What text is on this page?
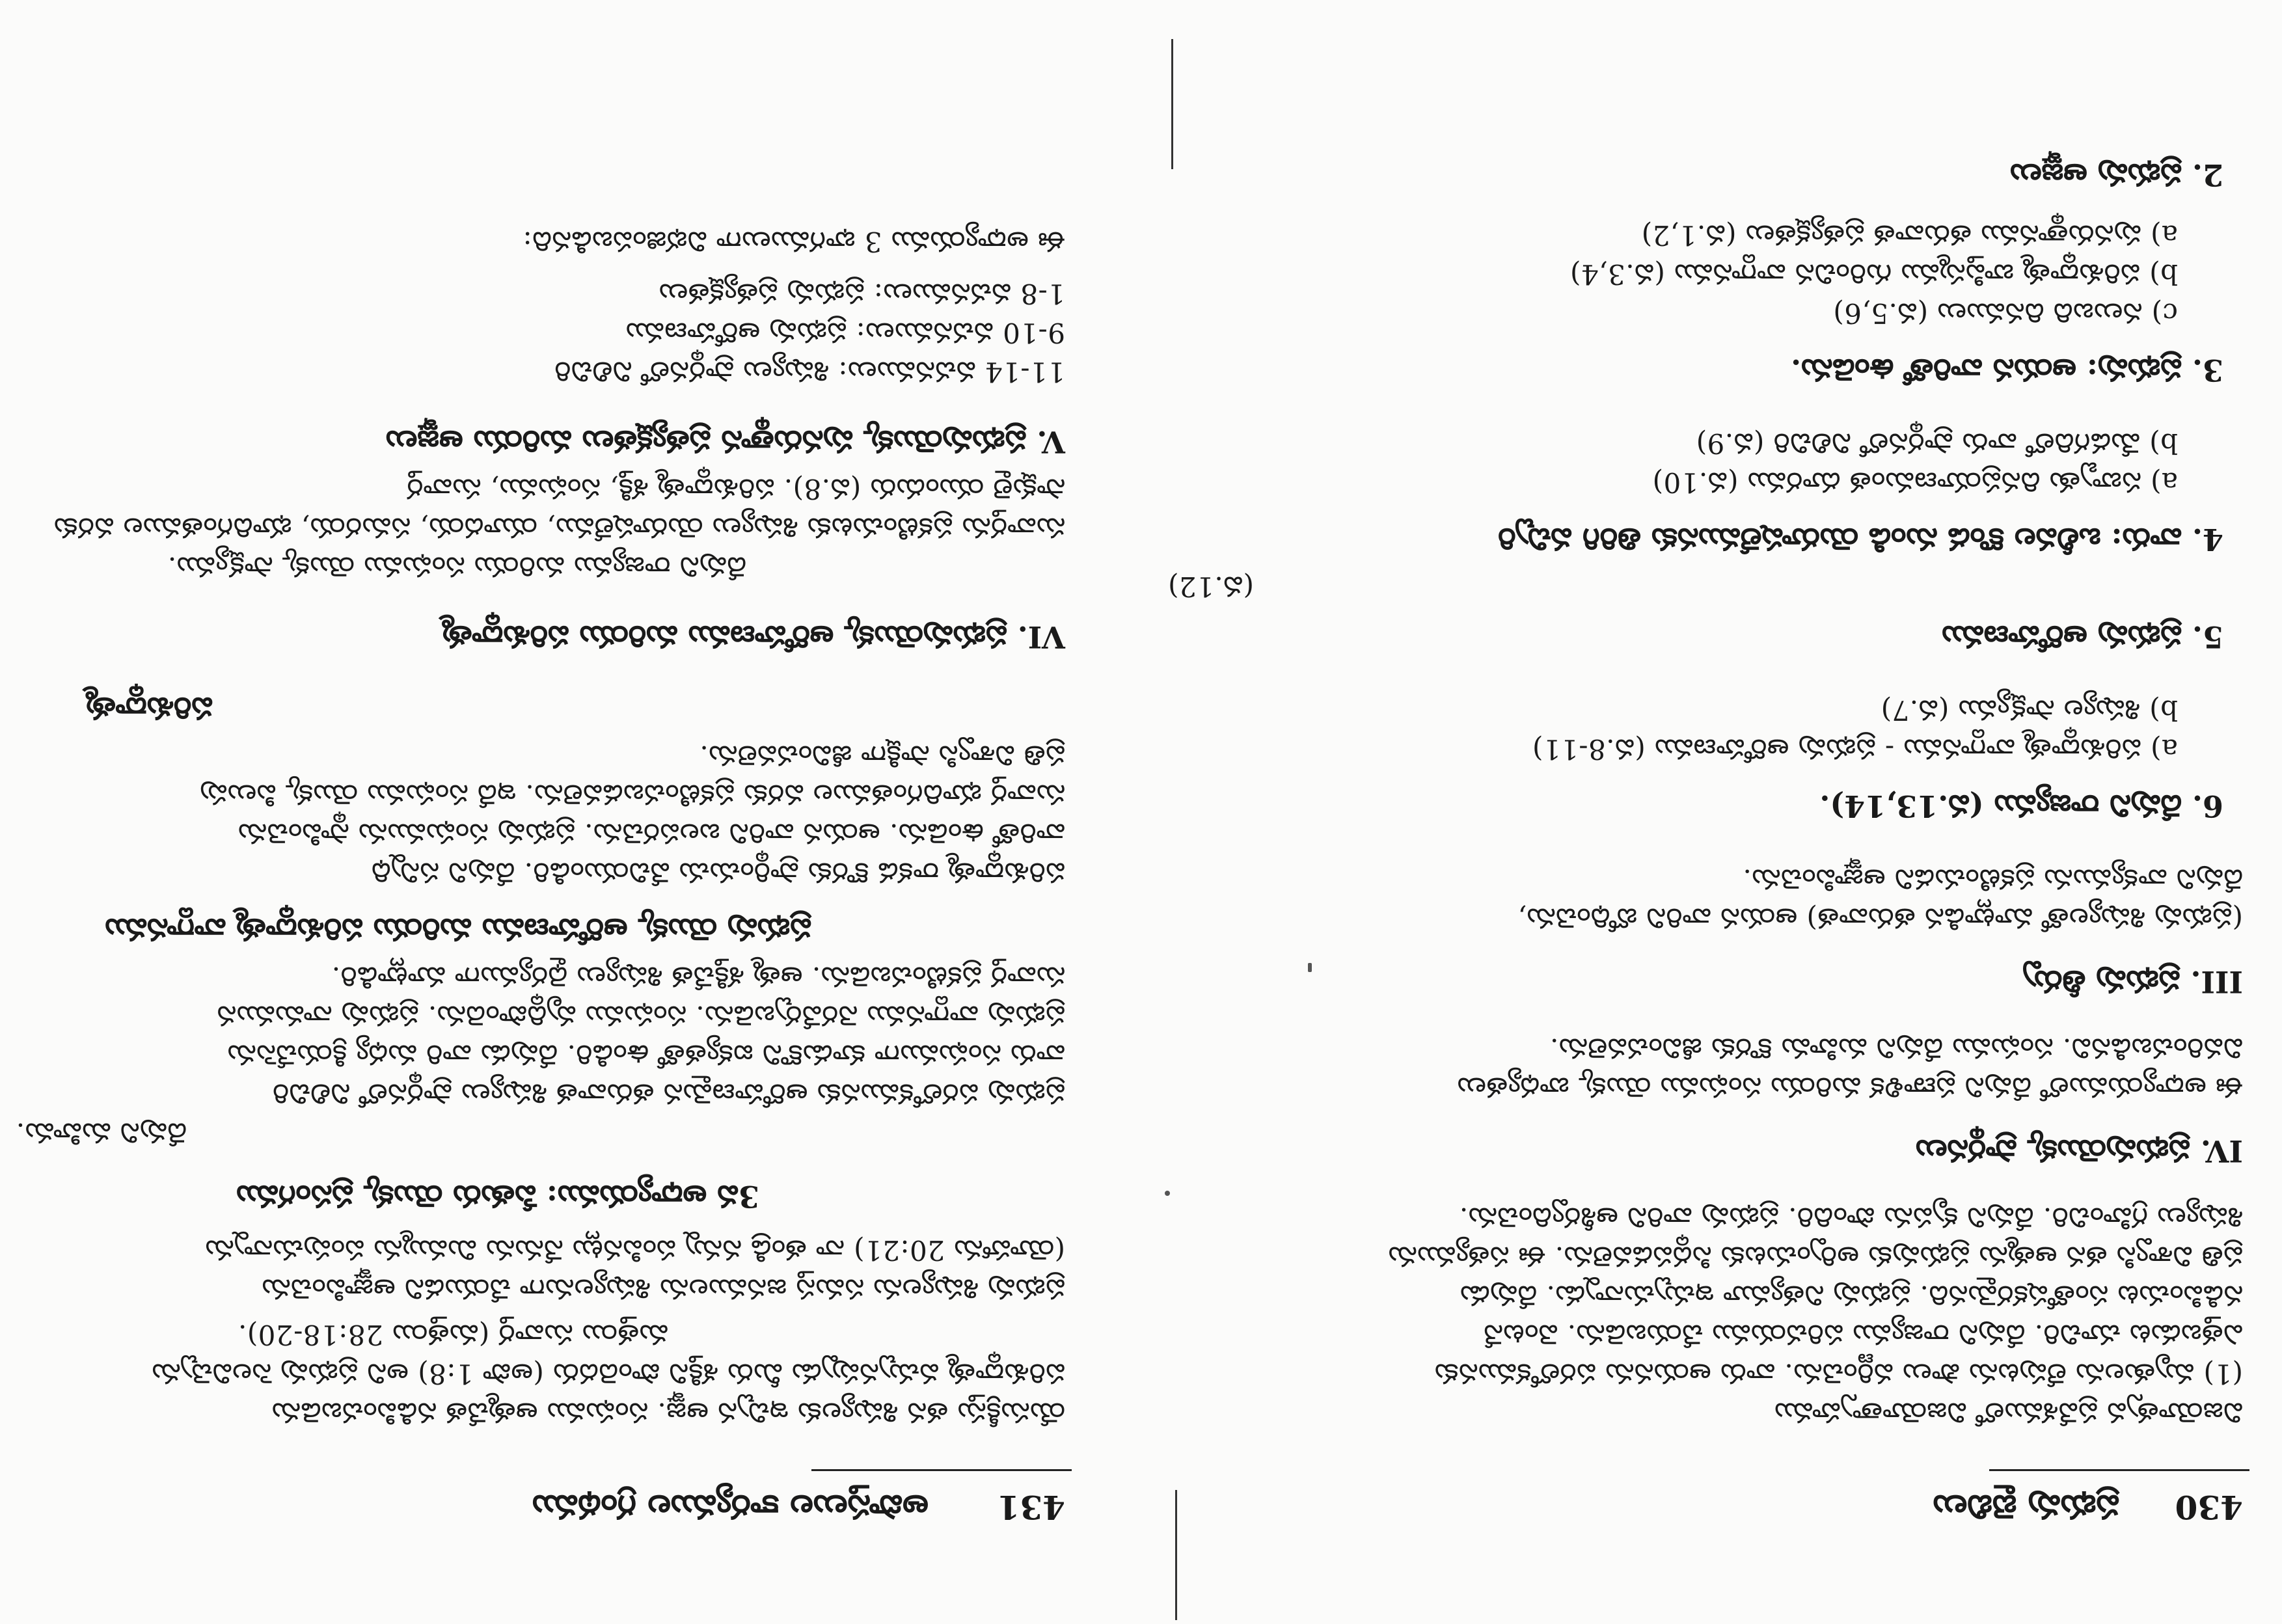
431
అపొస్తలుల కార్యముల గ్రంథము
యేసుక్రీస్తు తన శిష్యులకు ఇచ్చిన ఆజ్ఞ. సంఘము ఆత్మచేత నడిపించబడెను
పరిశుద్ధాత్మ వచ్చునప్పుడు మీరు శక్తిని పొందెదరు (అపొ 1:8) అని ప్రభువు సెలవిచ్చెను
మత్తయి సువార్త (మత్తయి 28:18-20).
ప్రభువు శిష్యులను సమస్త జనములను శిష్యులనుగా చేయుడని ఆజ్ఞాపించెను
(యోహాను 20:21) నా తండ్రి నన్ను పంపినట్లు నేనును మిమ్మును పంపుచున్నాను
3వ అధ్యాయము: పేతురు యొక్క ప్రసంగము
దేవుని మహిమ.
ప్రభువు పరలోకమునకు ఆరోహణమైన తరువాత శిష్యులు ప్రార్థనలో నిలిచిరి
వారు సంఘముగా కూడుకొని ఐక్యతతో ఉండిరి. దేవుడు వారి మధ్య క్రియచేసెను
ప్రభువు వాగ్దానము నెరవేర్చబడెను. సంఘము వృద్ధిపొందెను. ప్రభువు నామమున
సువార్త ప్రకటించబడెను. ఆత్మ శక్తిచేత శిష్యులు ధైర్యముగా మాట్లాడిరి.
ప్రభువు యొక్క ఆరోహణము మరియు పరిశుద్ధాత్మ వాగ్దానము
పరిశుద్ధాత్మ రాకడ కొరకు ప్రార్థించుచు వేచియుండిరి. దేవుని సన్నిధి
వారితో ఉండెను. ఆయన వారిని బలపరచెను. ప్రభువు సంఘమును స్థాపించెను
సువార్త భూదిగంతముల వరకు ప్రకటించబడవలెను. ఇదే సంఘము యొక్క పిలుపు
ప్రతి విశ్వాసి సాక్షిగా జీవించవలెను.
పరిశుద్ధాత్మ
VI. ప్రభువుయొక్క ఆరోహణము మరియు పరిశుద్ధాత్మ
దేవుని రాజ్యము మరియు సంఘము యొక్క సాక్ష్యము.
సువార్తను ప్రకటించుటకు శిష్యులు యెరూషలేము, యూదయ, సమరయ, భూదిగంతముల వరకు
సాక్షులై యుందురు (వ.8). పరిశుద్ధాత్మ శక్తి, సంఘము, సువార్త
V. ప్రభువుయొక్క పునరుత్థాన ప్రత్యక్షతలు మరియు ఆజ్ఞలు
11-14 వచనములు: శిష్యులు ప్రార్థనలో నిలిచిరి
9-10 వచనములు: ప్రభువు ఆరోహణము
1-8 వచనములు: ప్రభువు ప్రత్యక్షతలు
ఈ అధ్యాయము 3 భాగములుగా విభజింపబడినది:
430
ప్రభువు బైబిలు
విజయోత్సవ ప్రవేశములో విజయోత్సాహము
(1) మృతులను లేపుటను పౌలు వర్ణించెను. వారు ఆయనను పరలోకమునకు
ఎత్తబడుట చూచిరి. దేవుని రాజ్యము పరిచయము చేయబడెను. వెంటనే
నడిపించుట సంతోషకరమైనది. ప్రభువు నిత్యమూ ఇచ్చుచున్నాడు. దేవుడు
ప్రతి విశ్వాసి తన ఆత్మను ప్రభువుకు అర్పించుటకు సిద్ధపడవలెను. ఈ సత్యమును
శిష్యులు గ్రహించిరి. దేవుని కృపను పొందిరి. ప్రభువు వారిని ఆశీర్వదించెను.
IV. ప్రభువుయొక్క ప్రార్థనలు
ఈ అధ్యాయములో దేవుని ప్రణాళిక మరియు సంఘము యొక్క బాధ్యతలు
వివరించబడినవి. సంఘము దేవుని మహిమ కొరకు జీవించవలెను.
III. ప్రభువు తీర్పు
(ప్రభువు శిష్యులతో మాట్లాడిన తరువాత) ఆయన వారిని బోధించెను,
దేవుని వాక్యమును ప్రకటించుడని ఆజ్ఞాపించెను.
6. దేవుని రాజ్యము (వ.13,14).
a) పరిశుద్ధాత్మ వాగ్దానము - ప్రభువు ఆరోహణము (వ.8-11)
b) శిష్యుల సాక్ష్యము (వ.7)
5. ప్రభువు ఆరోహణము
(వ.12)
4. వారు: ఒలీవల కొండ నుండి యెరూషలేమునకు తిరిగి వచ్చిరి
a) సబ్బాతు దినప్రయాణమంత దూరము (వ.10)
b) మేడగదిలో వారు ప్రార్థనలో నిలిచిరి (వ.9)
3. ప్రభువు: ఆయన వారితో ఉండెను.
c) నలుబది దినములు (వ.5,6)
b) పరిశుద్ధాత్మ బాప్తిస్మము గురించిన వాగ్దానము (వ.3,4)
a) పునరుత్థానము తరువాత ప్రత్యక్షతలు (వ.1,2)
2. ప్రభువు ఆజ్ఞలు
